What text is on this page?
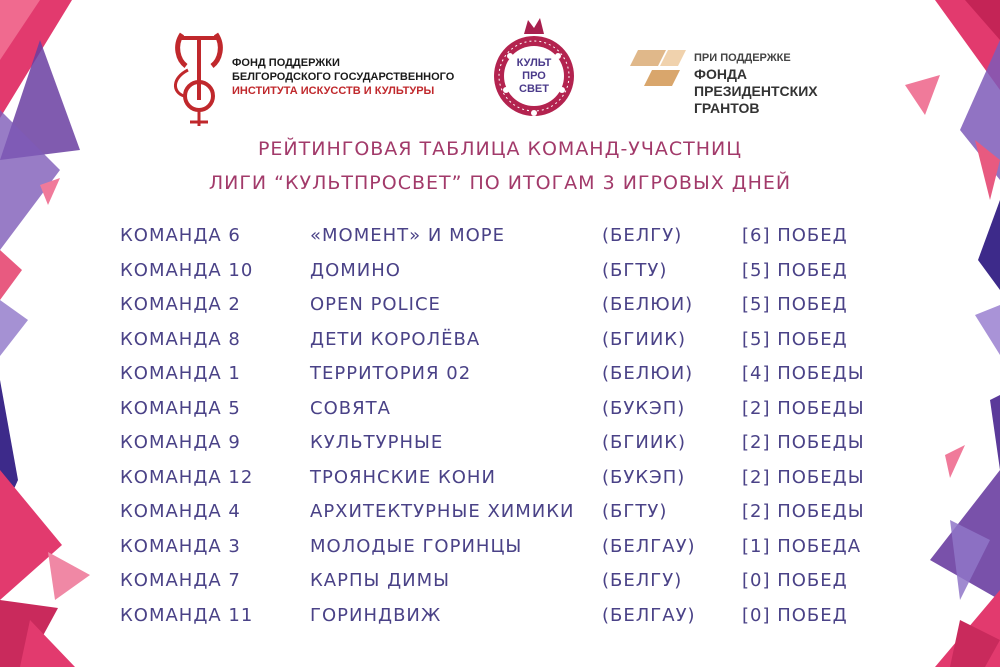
ФОНД ПОДДЕРЖКИ
БЕЛГОРОДСКОГО ГОСУДАРСТВЕННОГО
ИНСТИТУТА ИСКУССТВ И КУЛЬТУРЫ
КУЛЬТ
ПРО
СВЕТ
ПРИ ПОДДЕРЖКЕ
ФОНДА
ПРЕЗИДЕНТСКИХ
ГРАНТОВ
РЕЙТИНГОВАЯ ТАБЛИЦА КОМАНД-УЧАСТНИЦ
ЛИГИ “КУЛЬТПРОСВЕТ” ПО ИТОГАМ 3 ИГРОВЫХ ДНЕЙ
КОМАНДА 6	«МОМЕНТ» И МОРЕ	(БЕЛГУ)	[6] ПОБЕД
КОМАНДА 10	ДОМИНО	(БГТУ)	[5] ПОБЕД
КОМАНДА 2	OPEN POLICE	(БЕЛЮИ)	[5] ПОБЕД
КОМАНДА 8	ДЕТИ КОРОЛЁВА	(БГИИК)	[5] ПОБЕД
КОМАНДА 1	ТЕРРИТОРИЯ 02	(БЕЛЮИ)	[4] ПОБЕДЫ
КОМАНДА 5	СОВЯТА	(БУКЭП)	[2] ПОБЕДЫ
КОМАНДА 9	КУЛЬТУРНЫЕ	(БГИИК)	[2] ПОБЕДЫ
КОМАНДА 12	ТРОЯНСКИЕ КОНИ	(БУКЭП)	[2] ПОБЕДЫ
КОМАНДА 4	АРХИТЕКТУРНЫЕ ХИМИКИ (БГТУ)	[2] ПОБЕДЫ
КОМАНДА 3	МОЛОДЫЕ ГОРИНЦЫ	(БЕЛГАУ)	[1] ПОБЕДА
КОМАНДА 7	КАРПЫ ДИМЫ	(БЕЛГУ)	[0] ПОБЕД
КОМАНДА 11	ГОРИНДВИЖ	(БЕЛГАУ)	[0] ПОБЕД
